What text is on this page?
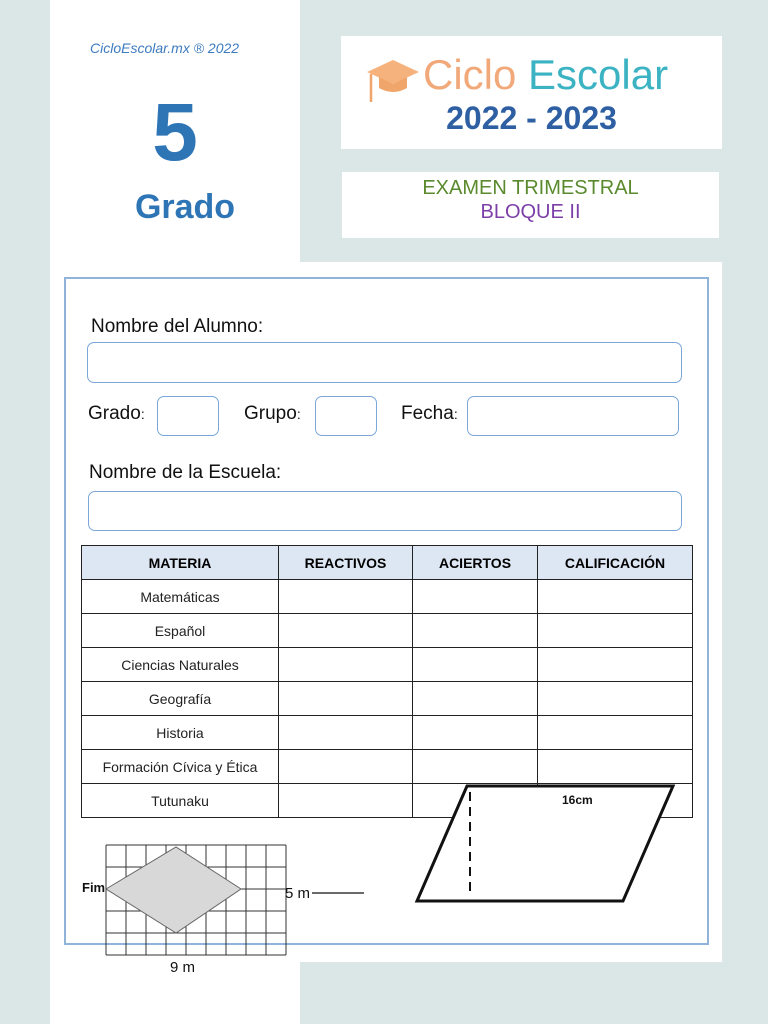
CicloEscolar.mx ® 2022
5
Grado
Ciclo Escolar
2022 - 2023
EXAMEN TRIMESTRAL
BLOQUE II
Nombre del Alumno:
Grado:	Grupo:	Fecha:
Nombre de la Escuela:
MATERIA	REACTIVOS	ACIERTOS	CALIFICACIÓN
Matemáticas			
Español			
Ciencias Naturales			
Geografía			
Historia			
Formación Cívica y Ética			
Tutunaku			
Fim	5 m
9 m
16cm
